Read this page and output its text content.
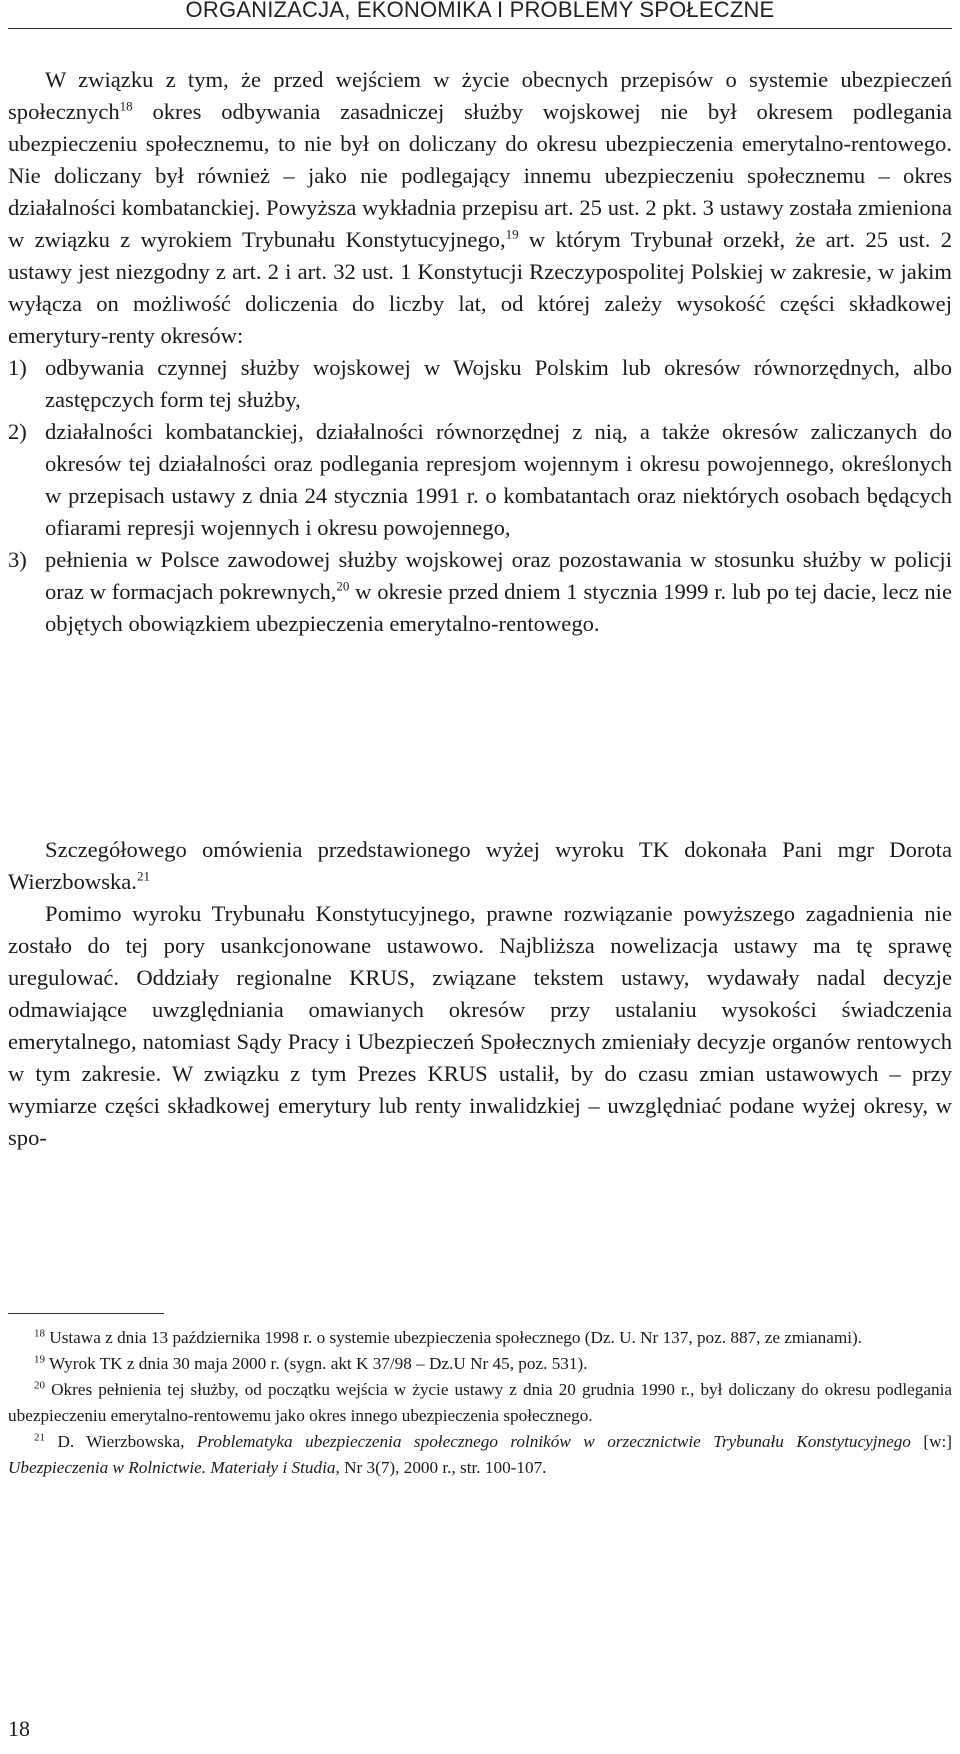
ORGANIZACJA, EKONOMIKA I PROBLEMY SPOŁECZNE

W związku z tym, że przed wejściem w życie obecnych przepisów o systemie ubezpieczeń społecznych$^{18}$ okres odbywania zasadniczej służby wojskowej nie był okresem podlegania ubezpieczeniu społecznemu, to nie był on doliczany do okresu ubezpieczenia emerytalno-rentowego. Nie doliczany był również – jako nie podlegający innemu ubezpieczeniu społecznemu – okres działalności kombatanckiej. Powyższa wykładnia przepisu art. 25 ust. 2 pkt. 3 ustawy została zmieniona w związku z wyrokiem Trybunału Konstytucyjnego,$^{19}$ w którym Trybunał orzekł, że art. 25 ust. 2 ustawy jest niezgodny z art. 2 i art. 32 ust. 1 Konstytucji Rzeczypospolitej Polskiej w zakresie, w jakim wyłącza on możliwość doliczenia do liczby lat, od której zależy wysokość części składkowej emerytury-renty okresów:

1) odbywania czynnej służby wojskowej w Wojsku Polskim lub okresów równorzędnych, albo zastępczych form tej służby,
2) działalności kombatanckiej, działalności równorzędnej z nią, a także okresów zaliczanych do okresów tej działalności oraz podlegania represjom wojennym i okresu powojennego, określonych w przepisach ustawy z dnia 24 stycznia 1991 r. o kombatantach oraz niektórych osobach będących ofiarami represji wojennych i okresu powojennego,
3) pełnienia w Polsce zawodowej służby wojskowej oraz pozostawania w stosunku służby w policji oraz w formacjach pokrewnych,$^{20}$ w okresie przed dniem 1 stycznia 1999 r. lub po tej dacie, lecz nie objętych obowiązkiem ubezpieczenia emerytalno-rentowego.

Szczegółowego omówienia przedstawionego wyżej wyroku TK dokonała Pani mgr Dorota Wierzbowska.$^{21}$

Pomimo wyroku Trybunału Konstytucyjnego, prawne rozwiązanie powyższego zagadnienia nie zostało do tej pory usankcjonowane ustawowo. Najbliższa nowelizacja ustawy ma tę sprawę uregulować. Oddziały regionalne KRUS, związane tekstem ustawy, wydawały nadal decyzje odmawiające uwzględniania omawianych okresów przy ustalaniu wysokości świadczenia emerytalnego, natomiast Sądy Pracy i Ubezpieczeń Społecznych zmieniały decyzje organów rentowych w tym zakresie. W związku z tym Prezes KRUS ustalił, by do czasu zmian ustawowych – przy wymiarze części składkowej emerytury lub renty inwalidzkiej – uwzględniać podane wyżej okresy, w spo-

$^{18}$ Ustawa z dnia 13 października 1998 r. o systemie ubezpieczenia społecznego (Dz. U. Nr 137, poz. 887, ze zmianami).

$^{19}$ Wyrok TK z dnia 30 maja 2000 r. (sygn. akt K 37/98 – Dz.U Nr 45, poz. 531).

$^{20}$ Okres pełnienia tej służby, od początku wejścia w życie ustawy z dnia 20 grudnia 1990 r., był doliczany do okresu podlegania ubezpieczeniu emerytalno-rentowemu jako okres innego ubezpieczenia społecznego.

$^{21}$ D. Wierzbowska, Problematyka ubezpieczenia społecznego rolników w orzecznictwie Trybunału Konstytucyjnego [w:] Ubezpieczenia w Rolnictwie. Materiały i Studia, Nr 3(7), 2000 r., str. 100-107.

18
